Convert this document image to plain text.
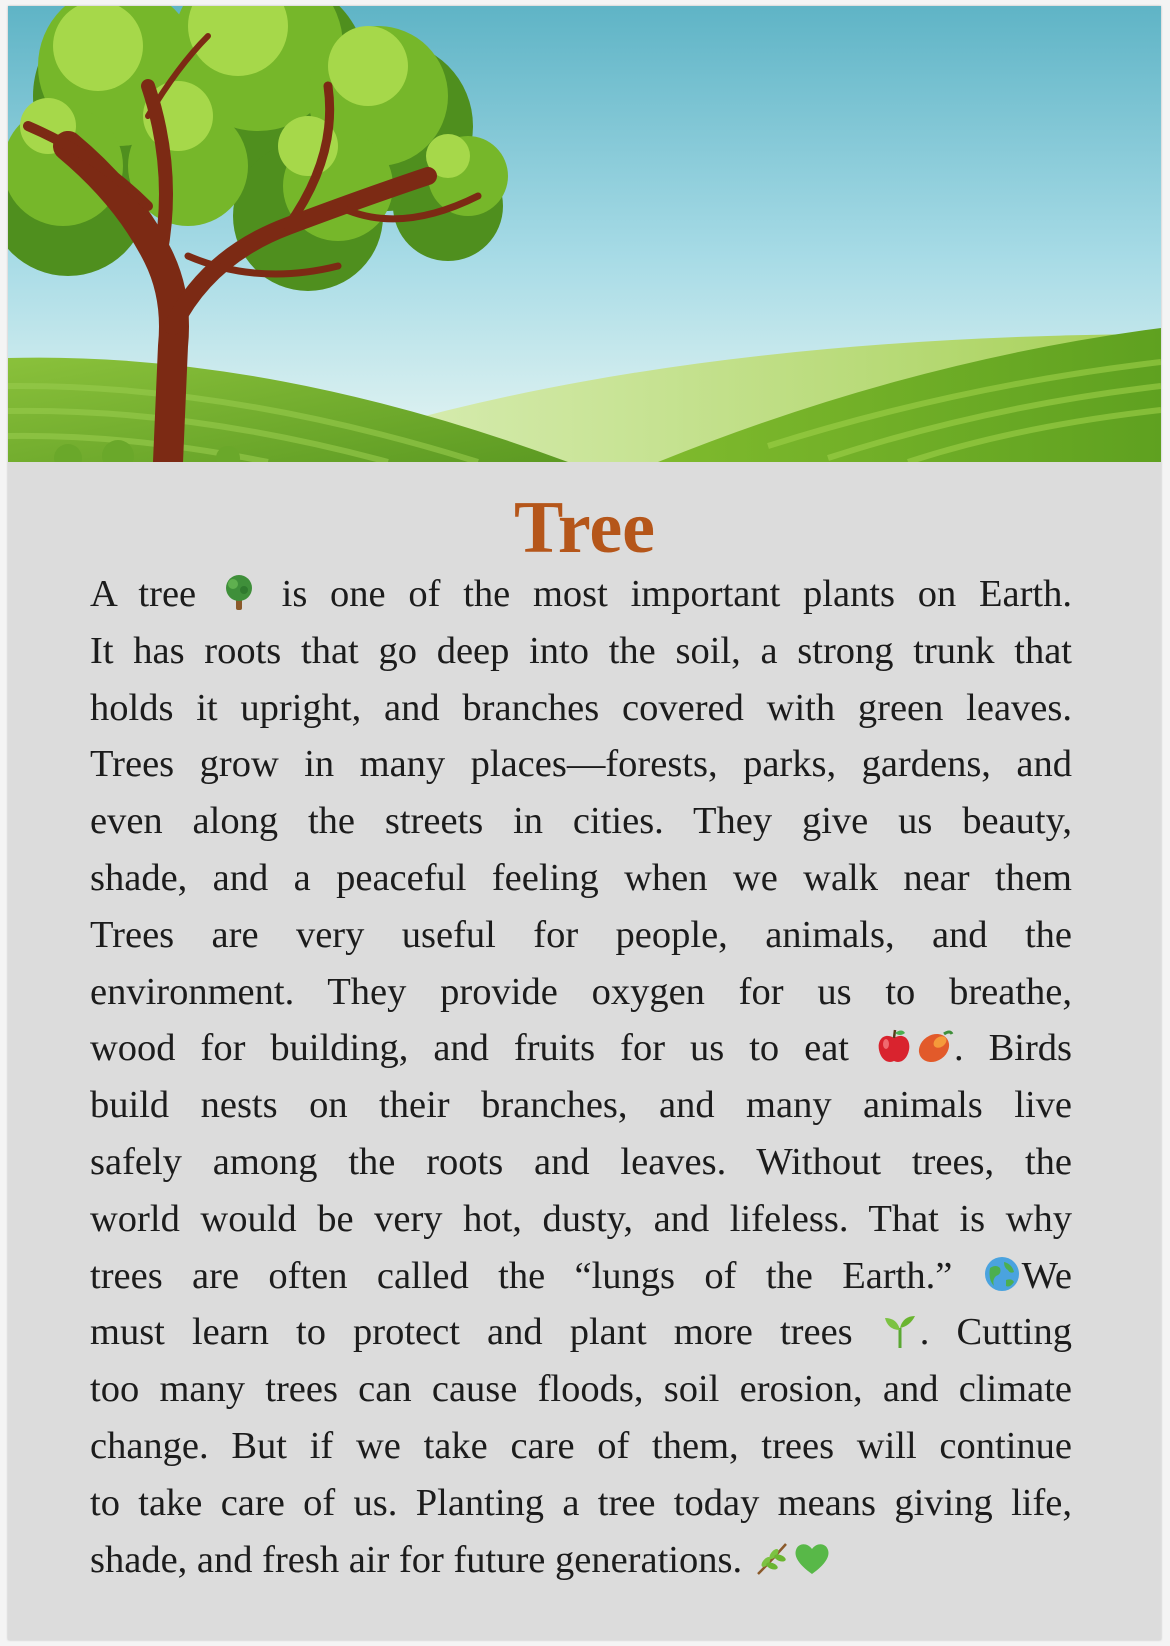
Tree
A tree is one of the most important plants on Earth.
It has roots that go deep into the soil, a strong trunk that
holds it upright, and branches covered with green leaves.
Trees grow in many places—forests, parks, gardens, and
even along the streets in cities. They give us beauty,
shade, and a peaceful feeling when we walk near them
Trees are very useful for people, animals, and the
environment. They provide oxygen for us to breathe,
wood for building, and fruits for us to eat	. Birds
build nests on their branches, and many animals live
safely among the roots and leaves. Without trees, the
world would be very hot, dusty, and lifeless. That is why
trees are often called the “lungs of the Earth.” We
must learn to protect and plant more trees . Cutting
too many trees can cause floods, soil erosion, and climate
change. But if we take care of them, trees will continue
to take care of us. Planting a tree today means giving life,
shade, and fresh air for future generations.
